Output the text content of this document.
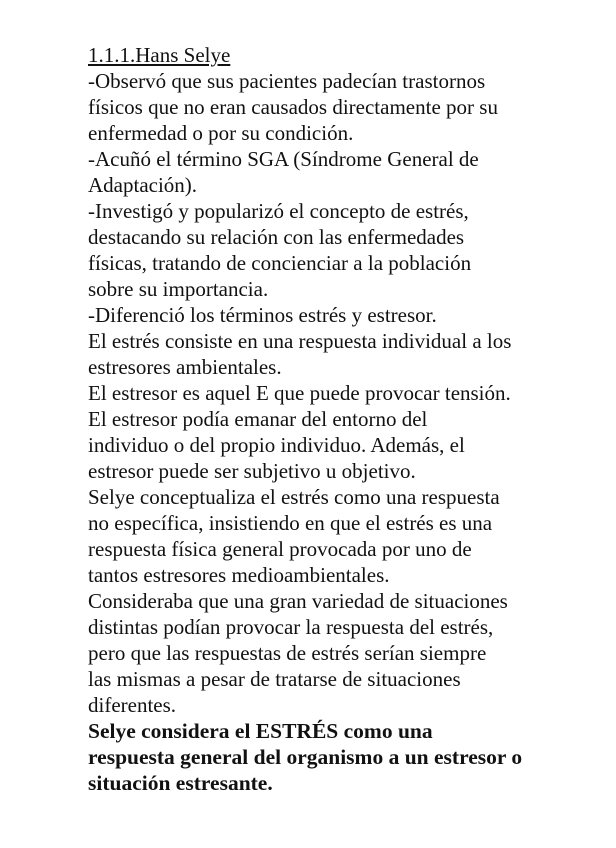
1.1.1.Hans Selye
-Observó que sus pacientes padecían trastornos
físicos que no eran causados directamente por su
enfermedad o por su condición.
-Acuñó el término SGA (Síndrome General de
Adaptación).
-Investigó y popularizó el concepto de estrés,
destacando su relación con las enfermedades
físicas, tratando de concienciar a la población
sobre su importancia.
-Diferenció los términos estrés y estresor.
El estrés consiste en una respuesta individual a los
estresores ambientales.
El estresor es aquel E que puede provocar tensión.
El estresor podía emanar del entorno del
individuo o del propio individuo. Además, el
estresor puede ser subjetivo u objetivo.
Selye conceptualiza el estrés como una respuesta
no específica, insistiendo en que el estrés es una
respuesta física general provocada por uno de
tantos estresores medioambientales.
Consideraba que una gran variedad de situaciones
distintas podían provocar la respuesta del estrés,
pero que las respuestas de estrés serían siempre
las mismas a pesar de tratarse de situaciones
diferentes.
Selye considera el ESTRÉS como una
respuesta general del organismo a un estresor o
situación estresante.
